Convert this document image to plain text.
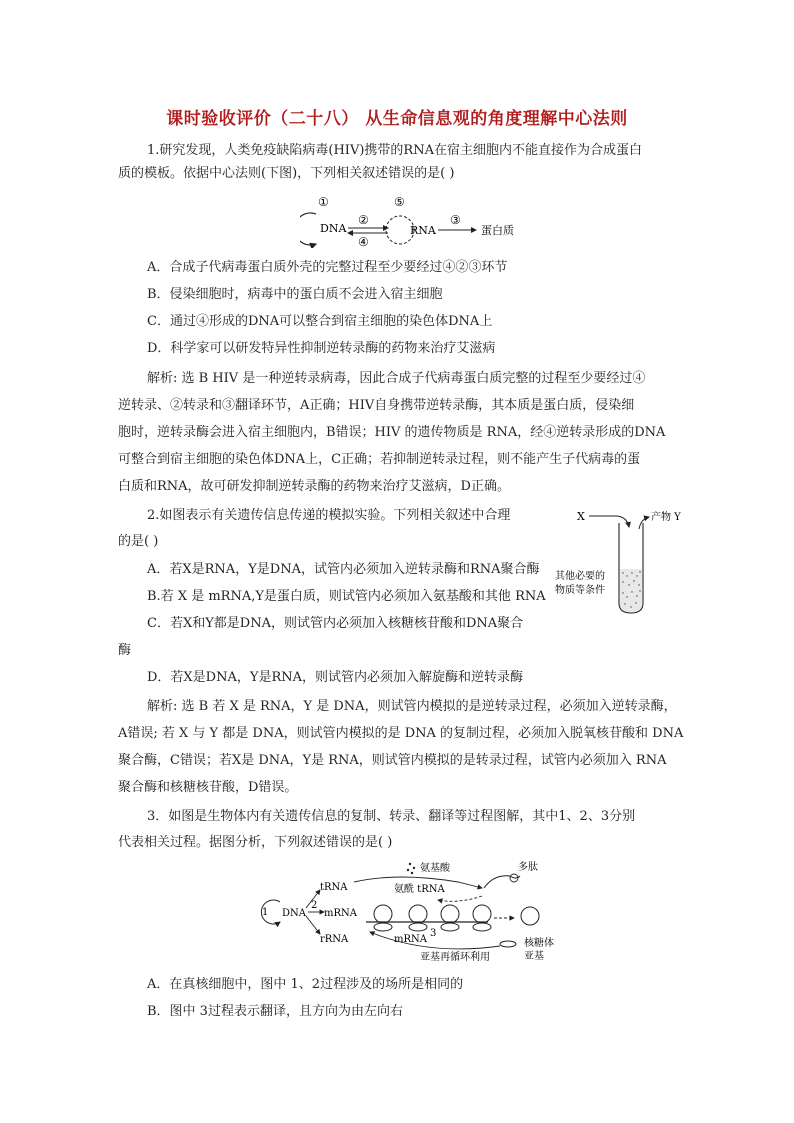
课时验收评价（二十八） 从生命信息观的角度理解中心法则
1.研究发现，人类免疫缺陷病毒(HIV)携带的RNA在宿主细胞内不能直接作为合成蛋白
质的模板。依据中心法则(下图)，下列相关叙述错误的是( )
①
DNA
②
④
⑤
RNA
③
蛋白质
A．合成子代病毒蛋白质外壳的完整过程至少要经过④②③环节
B．侵染细胞时，病毒中的蛋白质不会进入宿主细胞
C．通过④形成的DNA可以整合到宿主细胞的染色体DNA上
D．科学家可以研发特异性抑制逆转录酶的药物来治疗艾滋病
解析: 选 B HIV 是一种逆转录病毒，因此合成子代病毒蛋白质完整的过程至少要经过④
逆转录、②转录和③翻译环节，A正确；HIV自身携带逆转录酶，其本质是蛋白质，侵染细
胞时，逆转录酶会进入宿主细胞内，B错误；HIV 的遗传物质是 RNA，经④逆转录形成的DNA
可整合到宿主细胞的染色体DNA上，C正确；若抑制逆转录过程，则不能产生子代病毒的蛋
白质和RNA，故可研发抑制逆转录酶的药物来治疗艾滋病，D正确。
2.如图表示有关遗传信息传递的模拟实验。下列相关叙述中合理
的是( )
X	产物 Y
其他必要的
物质等条件
A．若X是RNA，Y是DNA，试管内必须加入逆转录酶和RNA聚合酶
B.若 X 是 mRNA,Y是蛋白质，则试管内必须加入氨基酸和其他 RNA
C．若X和Y都是DNA，则试管内必须加入核糖核苷酸和DNA聚合
酶
D．若X是DNA，Y是RNA，则试管内必须加入解旋酶和逆转录酶
解析: 选 B 若 X 是 RNA，Y 是 DNA，则试管内模拟的是逆转录过程，必须加入逆转录酶，
A错误; 若 X 与 Y 都是 DNA，则试管内模拟的是 DNA 的复制过程，必须加入脱氧核苷酸和 DNA
聚合酶，C错误；若X是 DNA，Y是 RNA，则试管内模拟的是转录过程，试管内必须加入 RNA
聚合酶和核糖核苷酸，D错误。
3．如图是生物体内有关遗传信息的复制、转录、翻译等过程图解，其中1、2、3分别
代表相关过程。据图分析，下列叙述错误的是( )
1 DNA
2
tRNA
mRNA
rRNA
氨基酸
氨酰 tRNA
多肽
3
mRNA
亚基再循环利用
核糖体
亚基
A．在真核细胞中，图中 1、2过程涉及的场所是相同的
B．图中 3过程表示翻译，且方向为由左向右
